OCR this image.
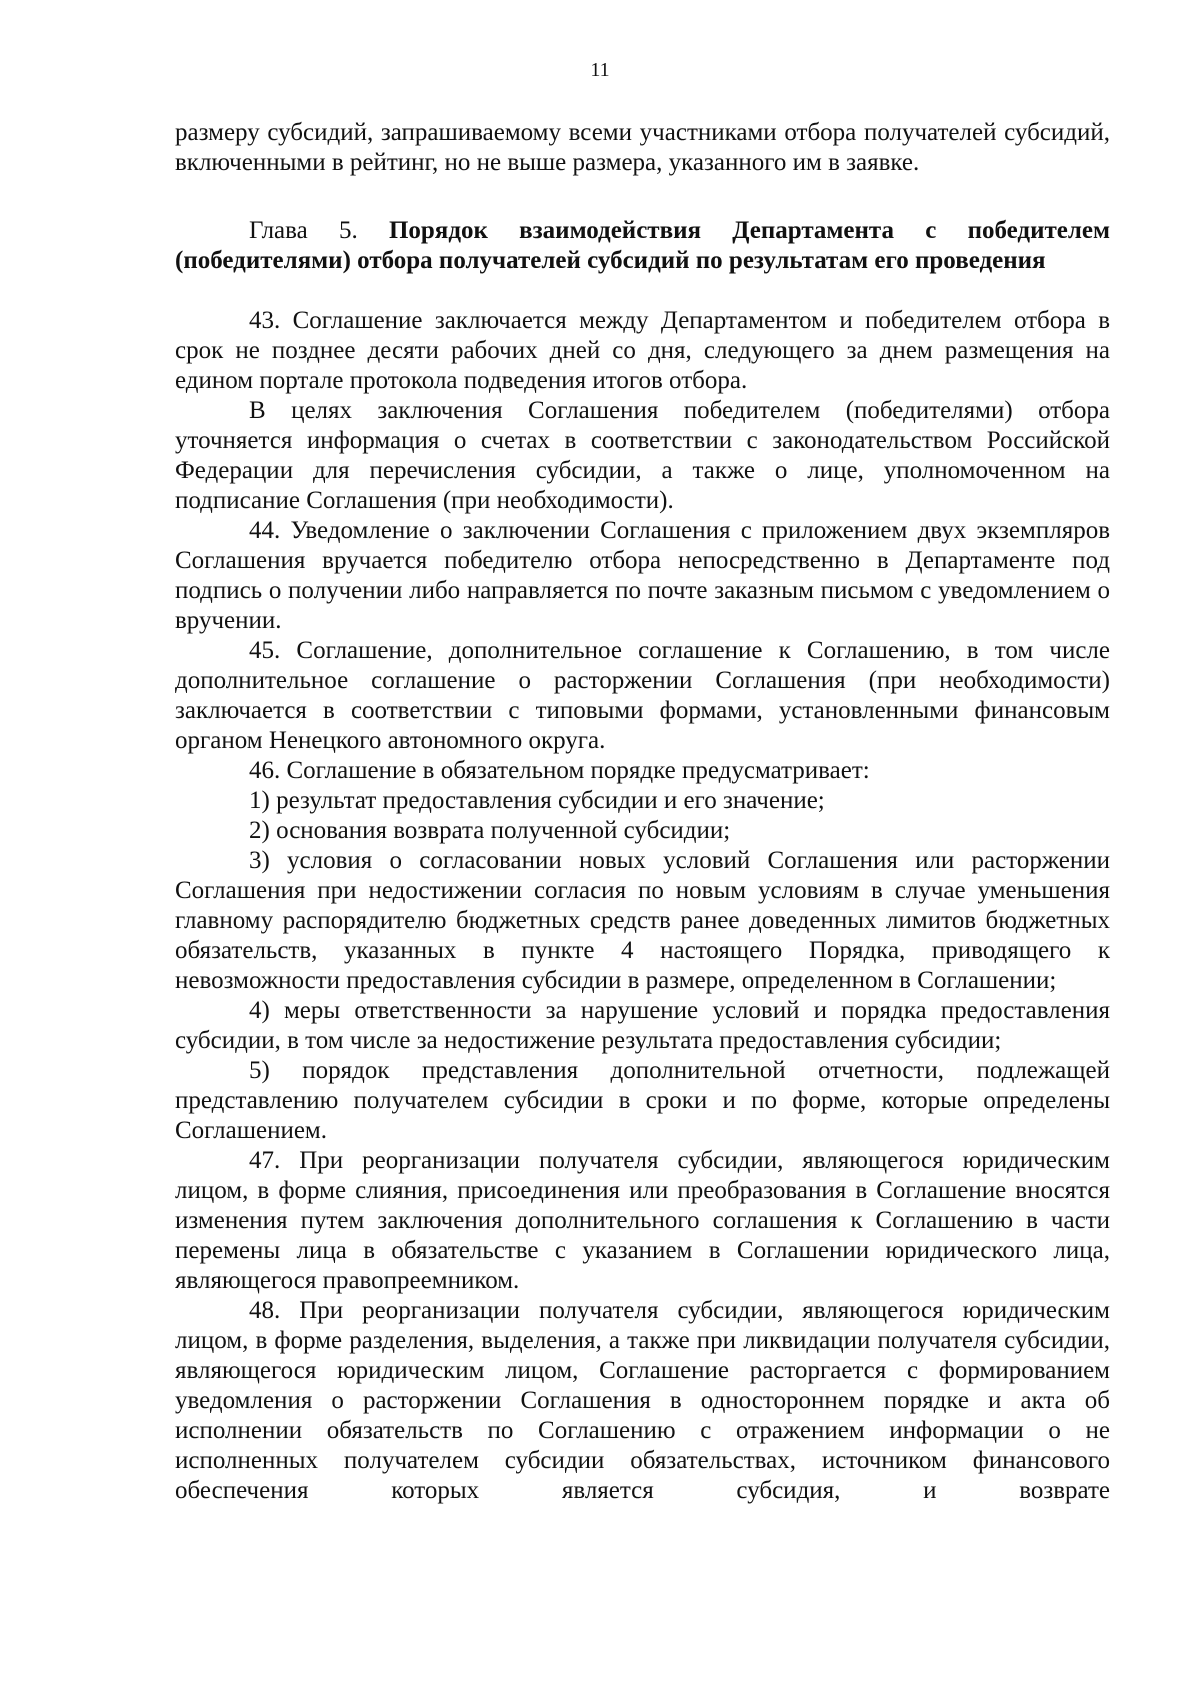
11

размеру субсидий, запрашиваемому всеми участниками отбора получателей субсидий, включенными в рейтинг, но не выше размера, указанного им в заявке.

Глава 5. Порядок взаимодействия Департамента с победителем (победителями) отбора получателей субсидий по результатам его проведения

43. Соглашение заключается между Департаментом и победителем отбора в срок не позднее десяти рабочих дней со дня, следующего за днем размещения на едином портале протокола подведения итогов отбора.

В целях заключения Соглашения победителем (победителями) отбора уточняется информация о счетах в соответствии с законодательством Российской Федерации для перечисления субсидии, а также о лице, уполномоченном на подписание Соглашения (при необходимости).

44. Уведомление о заключении Соглашения с приложением двух экземпляров Соглашения вручается победителю отбора непосредственно в Департаменте под подпись о получении либо направляется по почте заказным письмом с уведомлением о вручении.

45. Соглашение, дополнительное соглашение к Соглашению, в том числе дополнительное соглашение о расторжении Соглашения (при необходимости) заключается в соответствии с типовыми формами, установленными финансовым органом Ненецкого автономного округа.

46. Соглашение в обязательном порядке предусматривает:

1) результат предоставления субсидии и его значение;

2) основания возврата полученной субсидии;

3) условия о согласовании новых условий Соглашения или расторжении Соглашения при недостижении согласия по новым условиям в случае уменьшения главному распорядителю бюджетных средств ранее доведенных лимитов бюджетных обязательств, указанных в пункте 4 настоящего Порядка, приводящего к невозможности предоставления субсидии в размере, определенном в Соглашении;

4) меры ответственности за нарушение условий и порядка предоставления субсидии, в том числе за недостижение результата предоставления субсидии;

5) порядок представления дополнительной отчетности, подлежащей представлению получателем субсидии в сроки и по форме, которые определены Соглашением.

47. При реорганизации получателя субсидии, являющегося юридическим лицом, в форме слияния, присоединения или преобразования в Соглашение вносятся изменения путем заключения дополнительного соглашения к Соглашению в части перемены лица в обязательстве с указанием в Соглашении юридического лица, являющегося правопреемником.

48. При реорганизации получателя субсидии, являющегося юридическим лицом, в форме разделения, выделения, а также при ликвидации получателя субсидии, являющегося юридическим лицом, Соглашение расторгается с формированием уведомления о расторжении Соглашения в одностороннем порядке и акта об исполнении обязательств по Соглашению с отражением информации о не исполненных получателем субсидии обязательствах, источником финансового обеспечения которых является субсидия, и возврате
